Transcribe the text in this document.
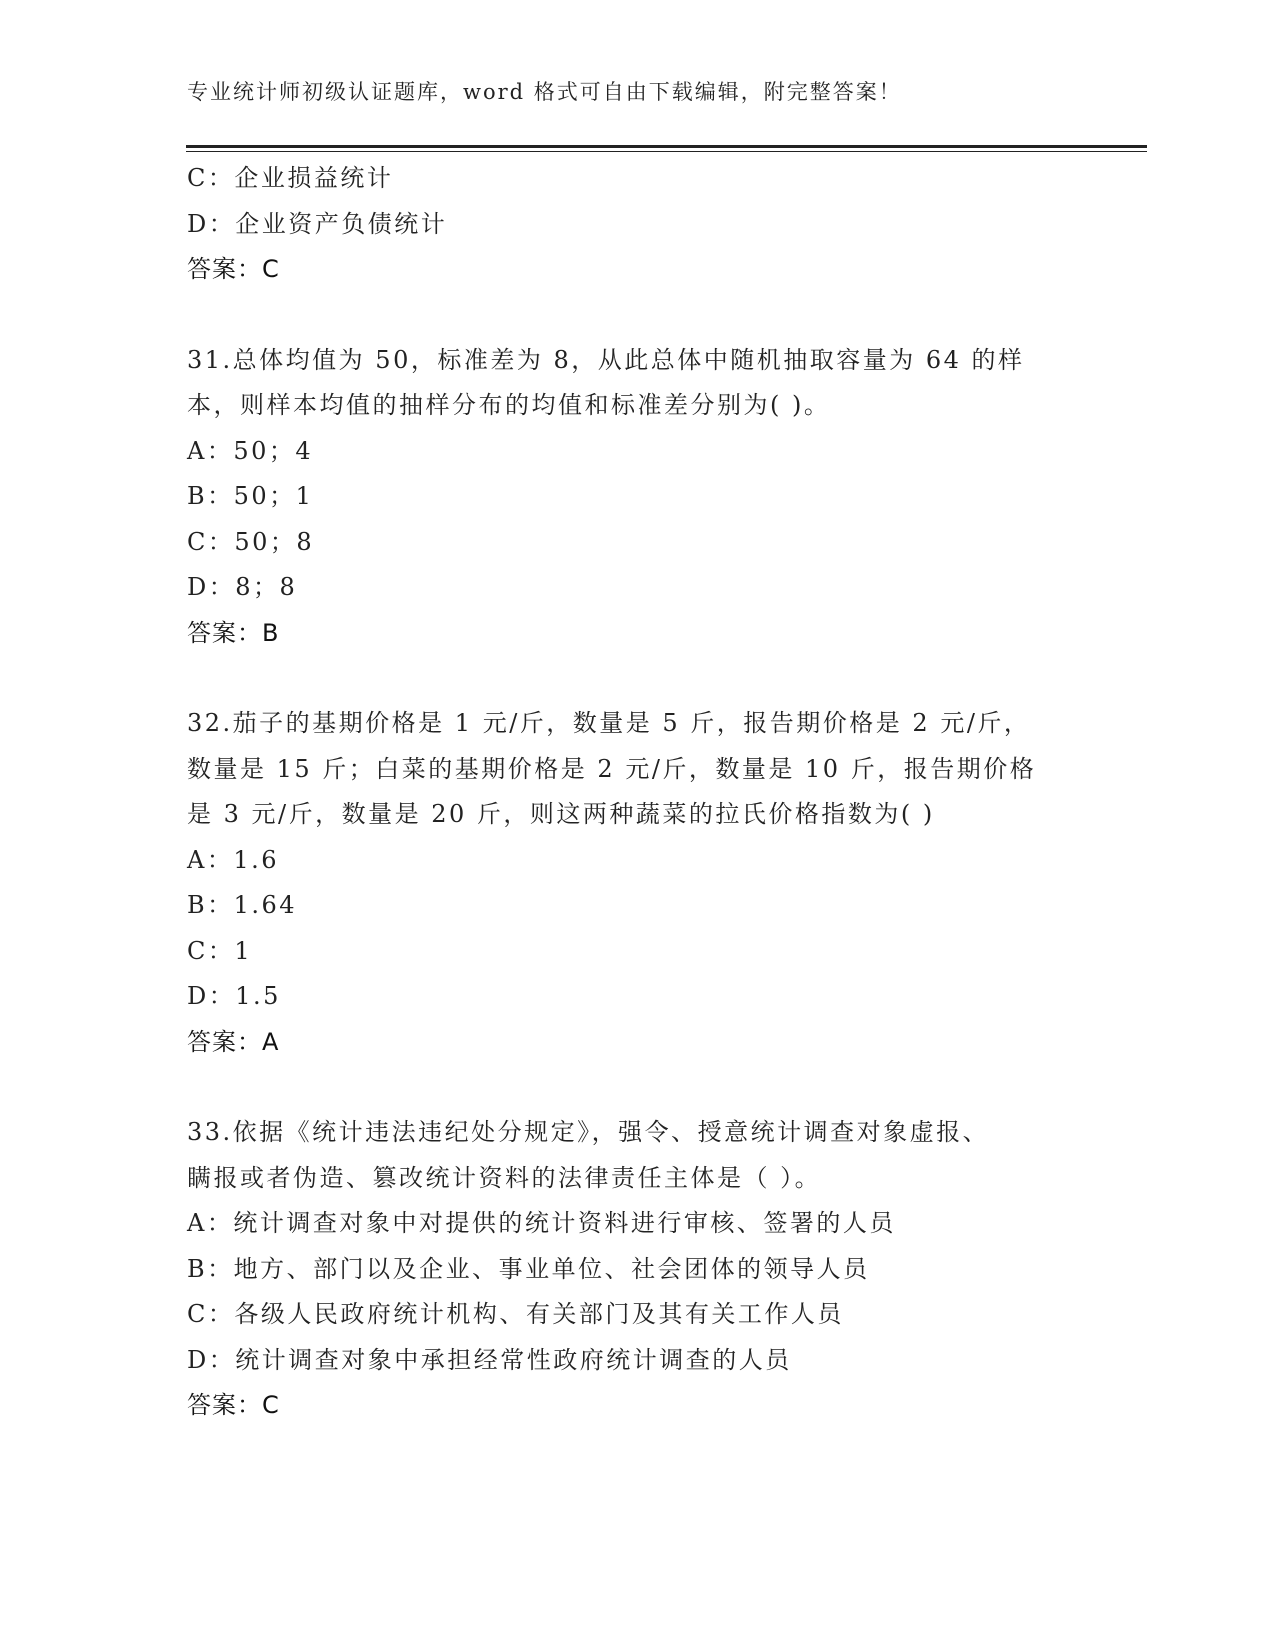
专业统计师初级认证题库，word 格式可自由下载编辑，附完整答案！
C：企业损益统计
D：企业资产负债统计
答案：C
31.总体均值为 50，标准差为 8，从此总体中随机抽取容量为 64 的样
本，则样本均值的抽样分布的均值和标准差分别为( )。
A：50；4
B：50；1
C：50；8
D：8；8
答案：B
32.茄子的基期价格是 1 元/斤，数量是 5 斤，报告期价格是 2 元/斤，
数量是 15 斤；白菜的基期价格是 2 元/斤，数量是 10 斤，报告期价格
是 3 元/斤，数量是 20 斤，则这两种蔬菜的拉氏价格指数为( )
A：1.6
B：1.64
C：1
D：1.5
答案：A
33.依据《统计违法违纪处分规定》，强令、授意统计调查对象虚报、
瞒报或者伪造、篡改统计资料的法律责任主体是（ ）。
A：统计调查对象中对提供的统计资料进行审核、签署的人员
B：地方、部门以及企业、事业单位、社会团体的领导人员
C：各级人民政府统计机构、有关部门及其有关工作人员
D：统计调查对象中承担经常性政府统计调查的人员
答案：C
